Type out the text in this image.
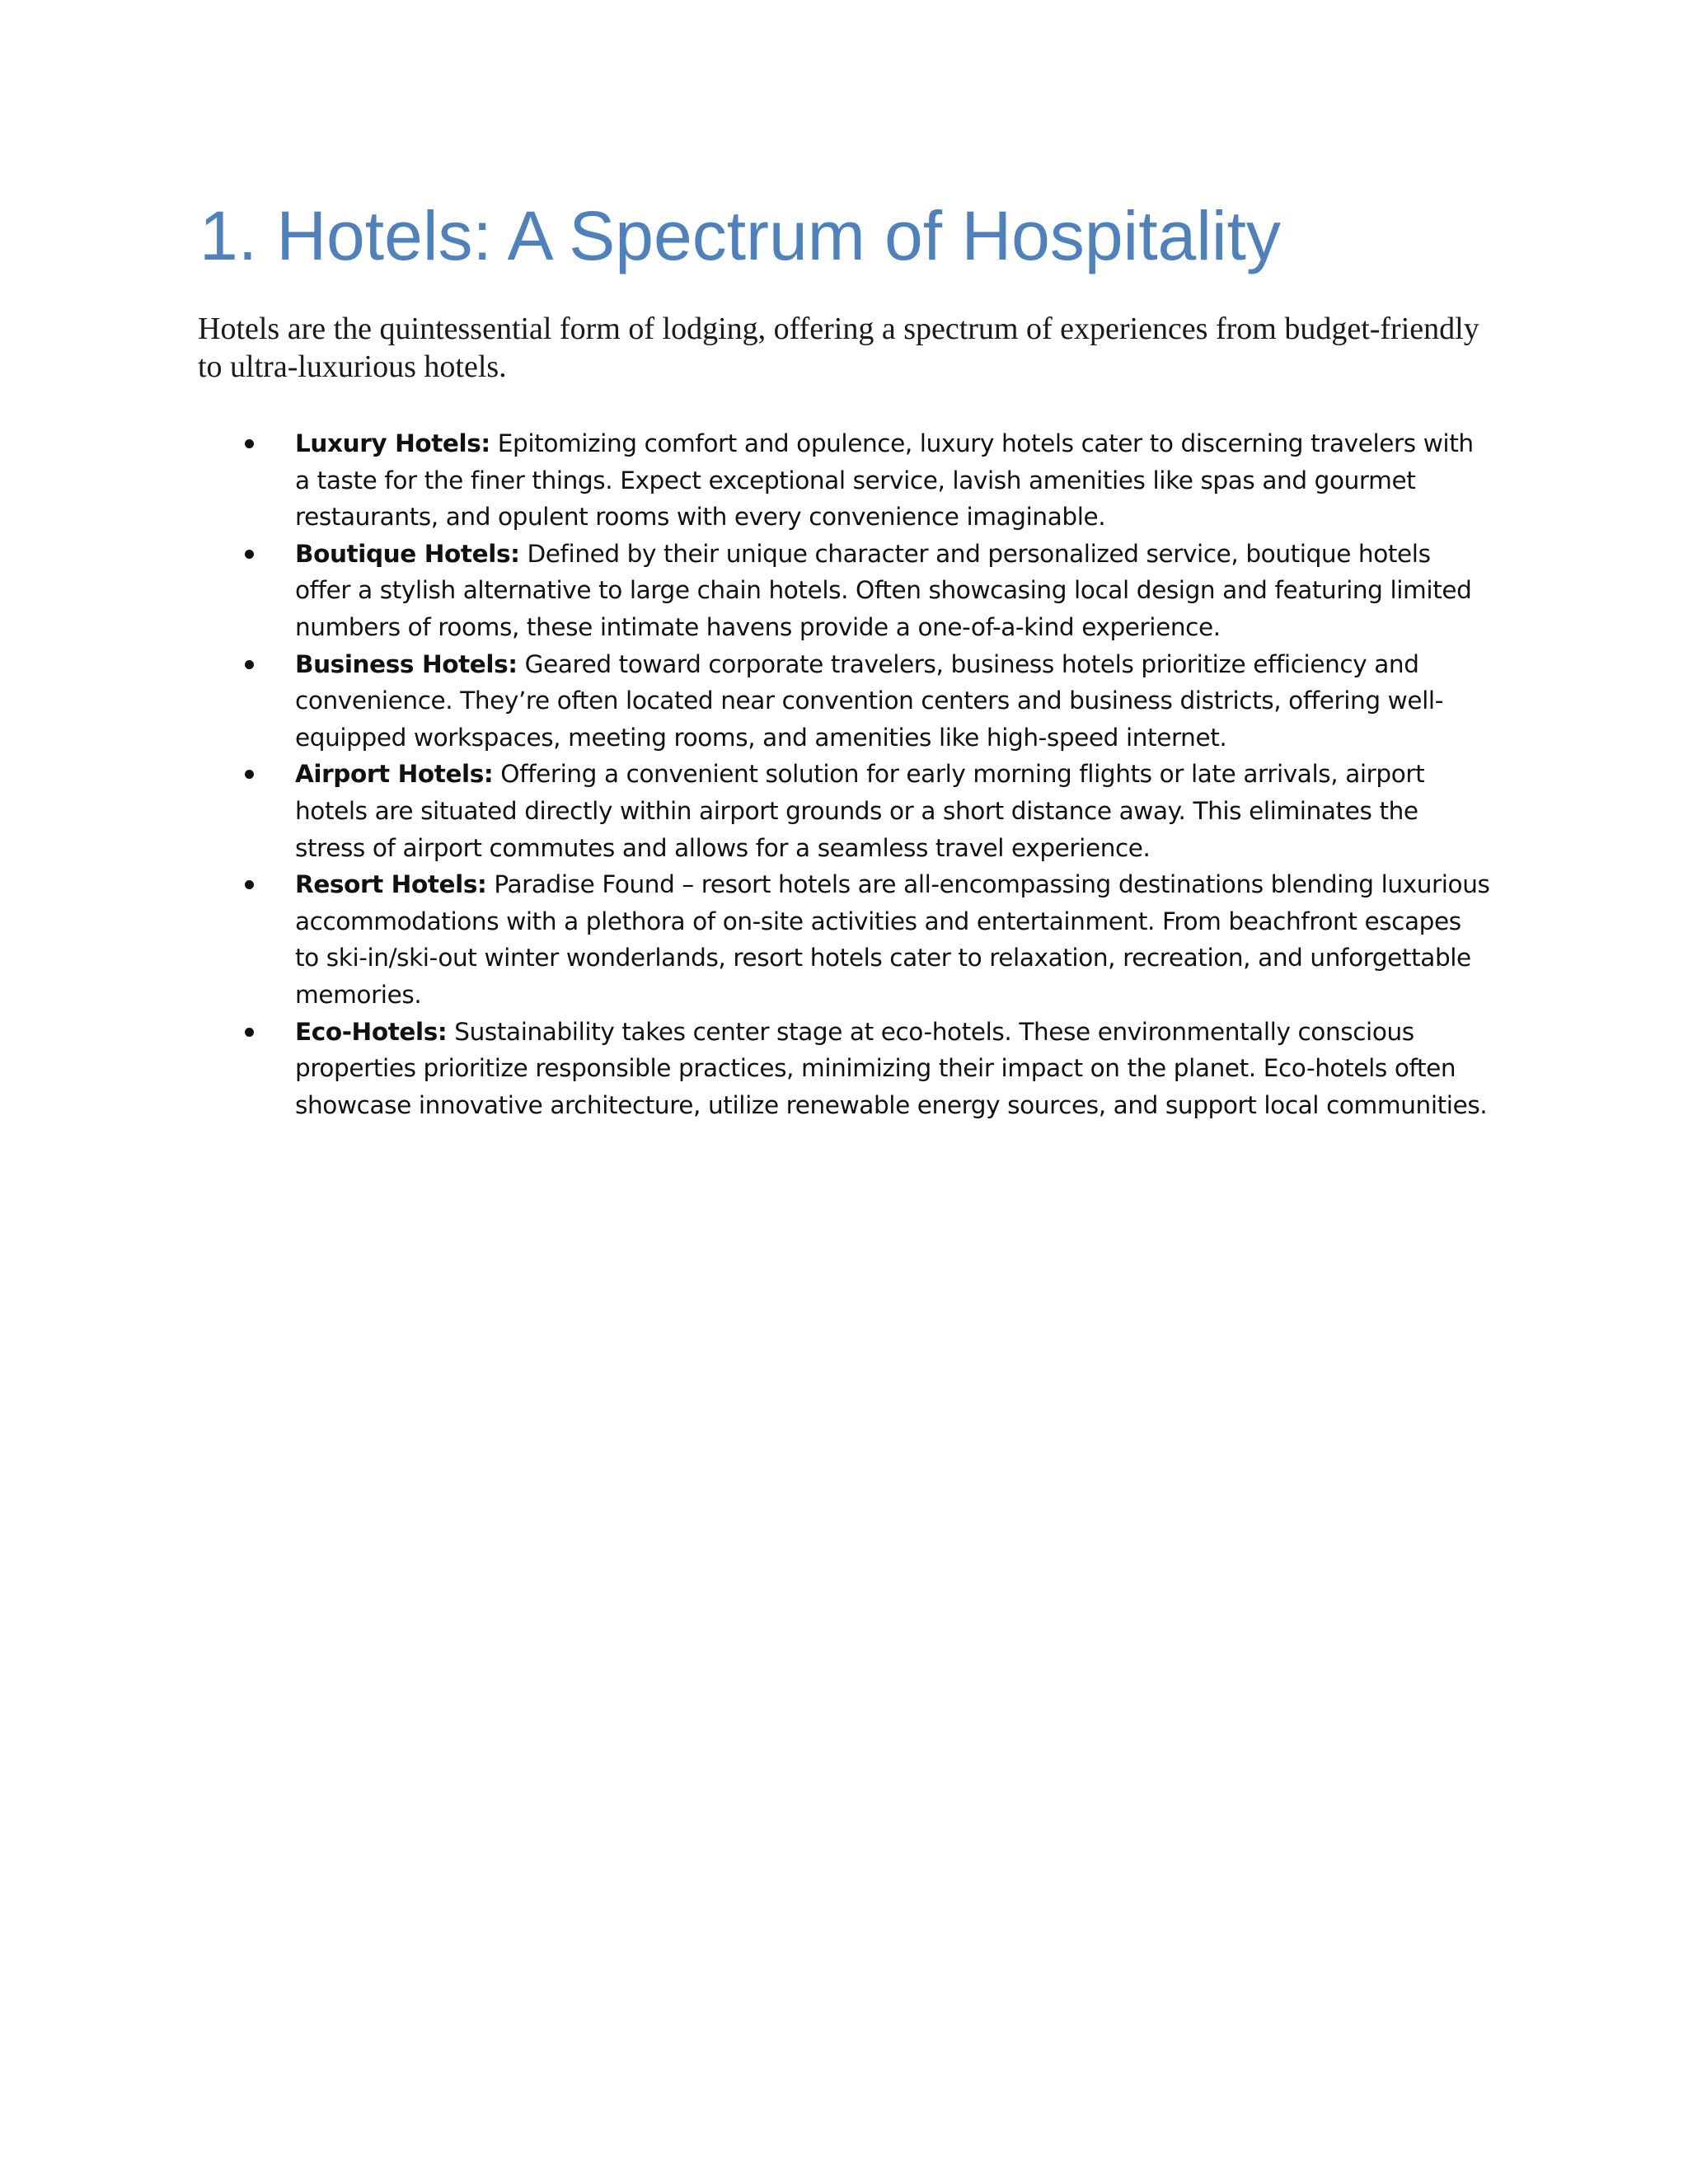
1. Hotels: A Spectrum of Hospitality

Hotels are the quintessential form of lodging, offering a spectrum of experiences from budget-friendly to ultra-luxurious hotels.

Luxury Hotels: Epitomizing comfort and opulence, luxury hotels cater to discerning travelers with a taste for the finer things. Expect exceptional service, lavish amenities like spas and gourmet restaurants, and opulent rooms with every convenience imaginable.
Boutique Hotels: Defined by their unique character and personalized service, boutique hotels offer a stylish alternative to large chain hotels. Often showcasing local design and featuring limited numbers of rooms, these intimate havens provide a one-of-a-kind experience.
Business Hotels: Geared toward corporate travelers, business hotels prioritize efficiency and convenience. They’re often located near convention centers and business districts, offering well-equipped workspaces, meeting rooms, and amenities like high-speed internet.
Airport Hotels: Offering a convenient solution for early morning flights or late arrivals, airport hotels are situated directly within airport grounds or a short distance away. This eliminates the stress of airport commutes and allows for a seamless travel experience.
Resort Hotels: Paradise Found – resort hotels are all-encompassing destinations blending luxurious accommodations with a plethora of on-site activities and entertainment. From beachfront escapes to ski-in/ski-out winter wonderlands, resort hotels cater to relaxation, recreation, and unforgettable memories.
Eco-Hotels: Sustainability takes center stage at eco-hotels. These environmentally conscious properties prioritize responsible practices, minimizing their impact on the planet. Eco-hotels often showcase innovative architecture, utilize renewable energy sources, and support local communities.
